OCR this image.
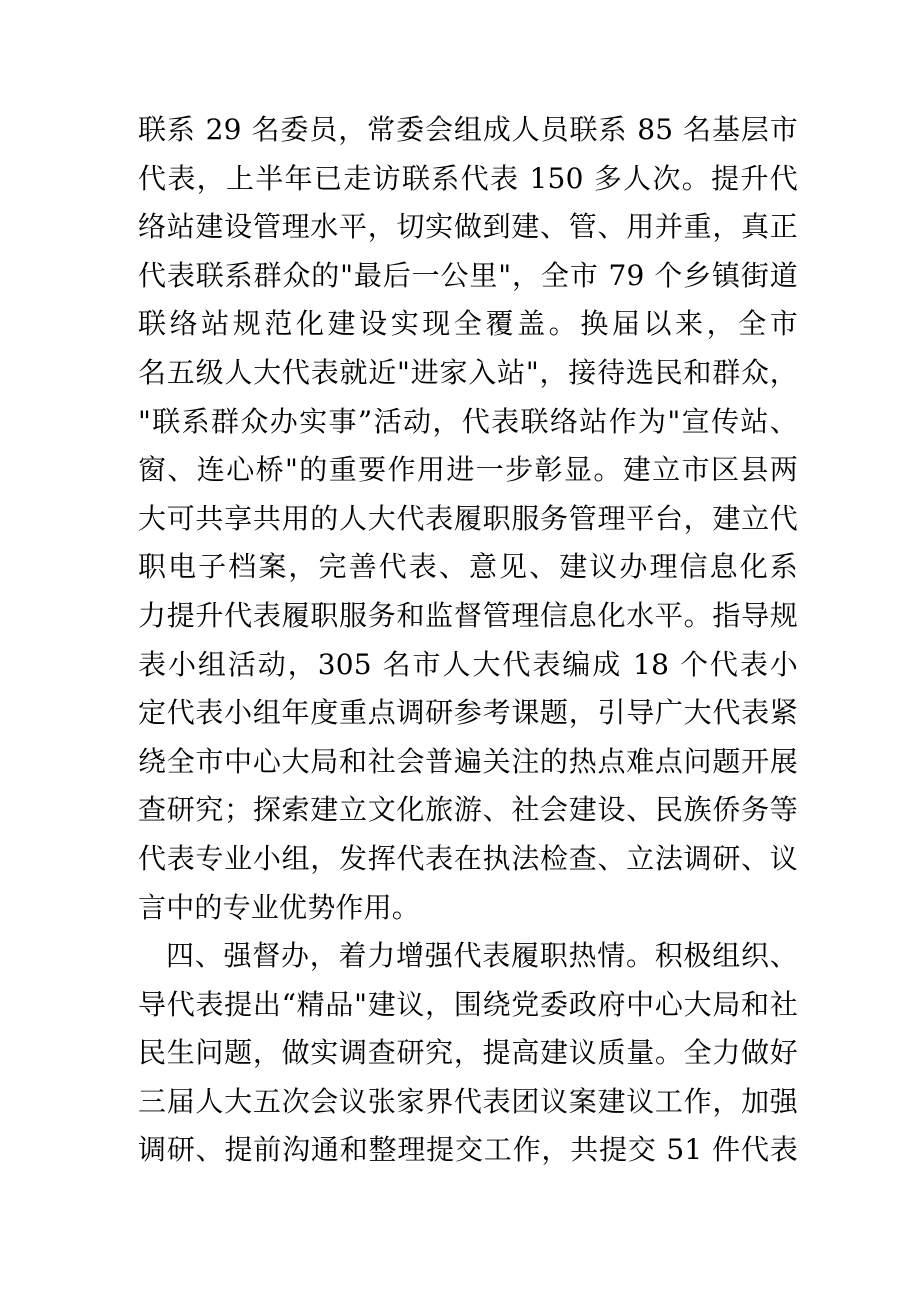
联系 29 名委员，常委会组成人员联系 85 名基层市
代表，上半年已走访联系代表 150 多人次。提升代
络站建设管理水平，切实做到建、管、用并重，真正
代表联系群众的"最后一公里"，全市 79 个乡镇街道
联络站规范化建设实现全覆盖。换届以来，全市
名五级人大代表就近"进家入站"，接待选民和群众，
"联系群众办实事”活动，代表联络站作为"宣传站、
窗、连心桥"的重要作用进一步彰显。建立市区县两
大可共享共用的人大代表履职服务管理平台，建立代
职电子档案，完善代表、意见、建议办理信息化系
力提升代表履职服务和监督管理信息化水平。指导规
表小组活动，305 名市人大代表编成 18 个代表小
定代表小组年度重点调研参考课题，引导广大代表紧
绕全市中心大局和社会普遍关注的热点难点问题开展
查研究；探索建立文化旅游、社会建设、民族侨务等
代表专业小组，发挥代表在执法检查、立法调研、议
言中的专业优势作用。
四、强督办，着力增强代表履职热情。积极组织、
导代表提出“精品"建议，围绕党委政府中心大局和社
民生问题，做实调查研究，提高建议质量。全力做好
三届人大五次会议张家界代表团议案建议工作，加强
调研、提前沟通和整理提交工作，共提交 51 件代表
